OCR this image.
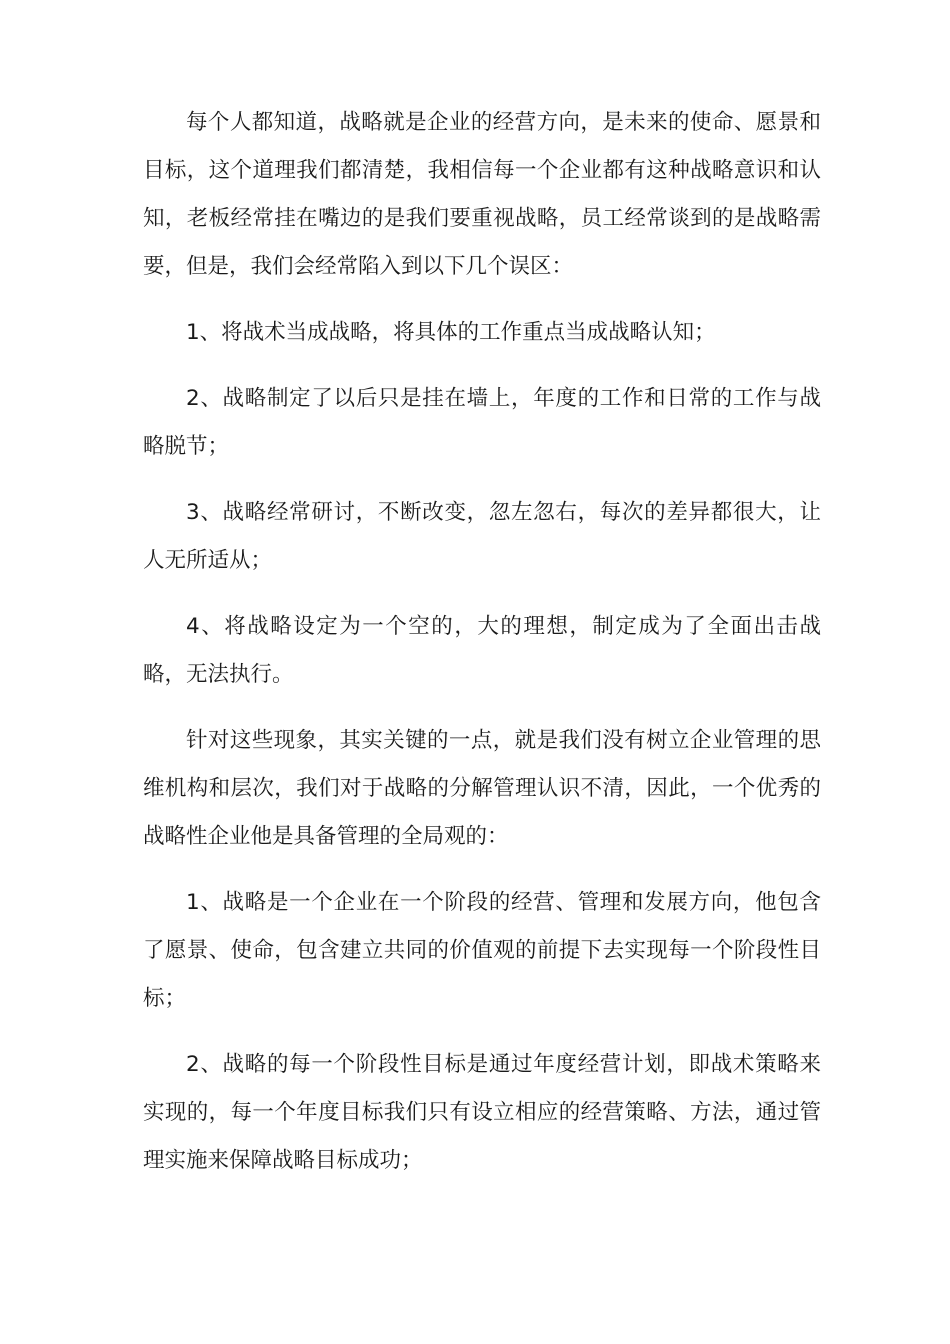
每个人都知道，战略就是企业的经营方向，是未来的使命、愿景和目标，这个道理我们都清楚，我相信每一个企业都有这种战略意识和认知，老板经常挂在嘴边的是我们要重视战略，员工经常谈到的是战略需要，但是，我们会经常陷入到以下几个误区：

1、将战术当成战略，将具体的工作重点当成战略认知；

2、战略制定了以后只是挂在墙上，年度的工作和日常的工作与战略脱节；

3、战略经常研讨，不断改变，忽左忽右，每次的差异都很大，让人无所适从；

4、将战略设定为一个空的，大的理想，制定成为了全面出击战略，无法执行。

针对这些现象，其实关键的一点，就是我们没有树立企业管理的思维机构和层次，我们对于战略的分解管理认识不清，因此，一个优秀的战略性企业他是具备管理的全局观的：

1、战略是一个企业在一个阶段的经营、管理和发展方向，他包含了愿景、使命，包含建立共同的价值观的前提下去实现每一个阶段性目标；

2、战略的每一个阶段性目标是通过年度经营计划，即战术策略来实现的，每一个年度目标我们只有设立相应的经营策略、方法，通过管理实施来保障战略目标成功；
